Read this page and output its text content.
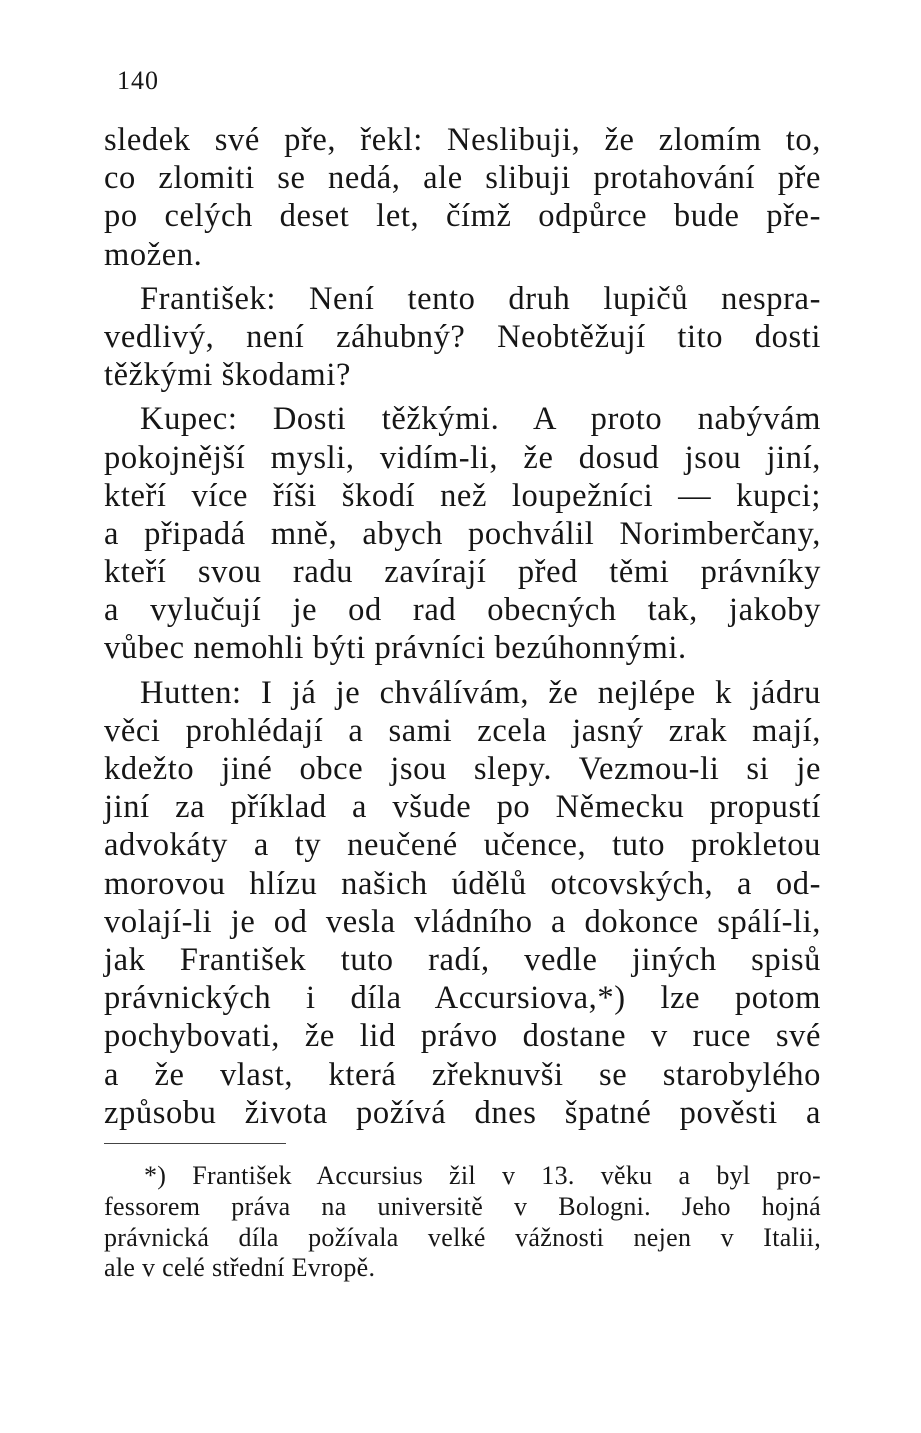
140
sledek své pře, řekl: Neslibuji, že zlomím to,
co zlomiti se nedá, ale slibuji protahování pře
po celých deset let, čímž odpůrce bude pře-
možen.
František: Není tento druh lupičů nespra-
vedlivý, není záhubný? Neobtěžují tito dosti
těžkými škodami?
Kupec: Dosti těžkými. A proto nabývám
pokojnější mysli, vidím-li, že dosud jsou jiní,
kteří více říši škodí než loupežníci — kupci;
a připadá mně, abych pochválil Norimberčany,
kteří svou radu zavírají před těmi právníky
a vylučují je od rad obecných tak, jakoby
vůbec nemohli býti právníci bezúhonnými.
Hutten: I já je chválívám, že nejlépe k jádru
věci prohlédají a sami zcela jasný zrak mají,
kdežto jiné obce jsou slepy. Vezmou-li si je
jiní za příklad a všude po Německu propustí
advokáty a ty neučené učence, tuto prokletou
morovou hlízu našich údělů otcovských, a od-
volají-li je od vesla vládního a dokonce spálí-li,
jak František tuto radí, vedle jiných spisů
právnických i díla Accursiova,*) lze potom
pochybovati, že lid právo dostane v ruce své
a že vlast, která zřeknuvši se starobylého
způsobu života požívá dnes špatné pověsti a
*) František Accursius žil v 13. věku a byl pro-
fessorem práva na universitě v Bologni. Jeho hojná
právnická díla požívala velké vážnosti nejen v Italii,
ale v celé střední Evropě.
